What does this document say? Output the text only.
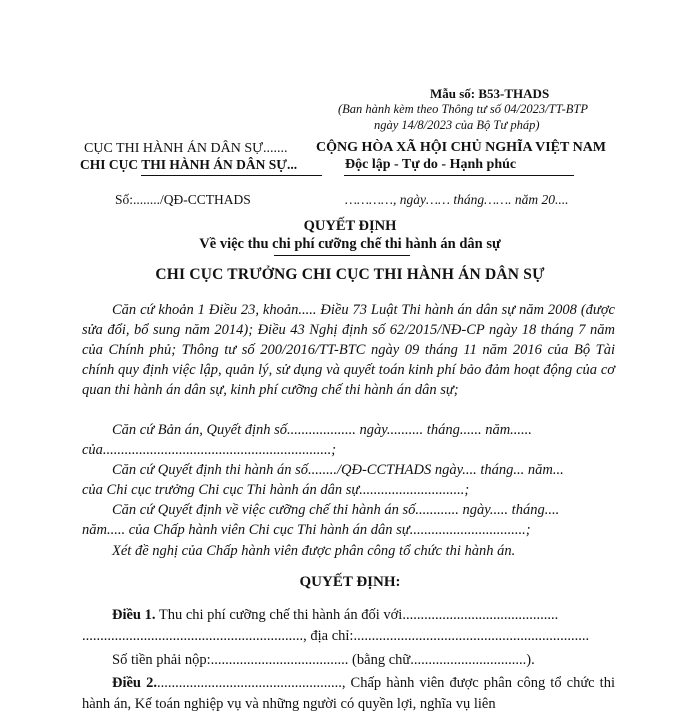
Mẫu số: B53-THADS
(Ban hành kèm theo Thông tư số 04/2023/TT-BTP
ngày 14/8/2023 của Bộ Tư pháp)
CỤC THI HÀNH ÁN DÂN SỰ.......
CHI CỤC THI HÀNH ÁN DÂN SỰ...
CỘNG HÒA XÃ HỘI CHỦ NGHĨA VIỆT NAM
Độc lập - Tự do - Hạnh phúc
Số:......../QĐ-CCTHADS	…………, ngày…… tháng……. năm 20....
QUYẾT ĐỊNH
Về việc thu chi phí cưỡng chế thi hành án dân sự
CHI CỤC TRƯỞNG CHI CỤC THI HÀNH ÁN DÂN SỰ
Căn cứ khoản 1 Điều 23, khoản..... Điều 73 Luật Thi hành án dân sự năm 2008 (được sửa đổi, bổ sung năm 2014); Điều 43 Nghị định số 62/2015/NĐ-CP ngày 18 tháng 7 năm của Chính phủ; Thông tư số 200/2016/TT-BTC ngày 09 tháng 11 năm 2016 của Bộ Tài chính quy định việc lập, quản lý, sử dụng và quyết toán kinh phí bảo đảm hoạt động của cơ quan thi hành án dân sự, kinh phí cưỡng chế thi hành án dân sự;
Căn cứ Bản án, Quyết định số................... ngày.......... tháng...... năm......
của...............................................................;
Căn cứ Quyết định thi hành án số......../QĐ-CCTHADS ngày.... tháng... năm...
của Chi cục trưởng Chi cục Thi hành án dân sự.............................;
Căn cứ Quyết định về việc cưỡng chế thi hành án số............ ngày..... tháng....
năm..... của Chấp hành viên Chi cục Thi hành án dân sự................................;
Xét đề nghị của Chấp hành viên được phân công tổ chức thi hành án.
QUYẾT ĐỊNH:
Điều 1. Thu chi phí cưỡng chế thi hành án đối với...........................................
............................................................., địa chỉ:.................................................................
Số tiền phải nộp:...................................... (bằng chữ................................).
Điều 2...................................................., Chấp hành viên được phân công tổ chức thi hành án, Kế toán nghiệp vụ và những người có quyền lợi, nghĩa vụ liên
